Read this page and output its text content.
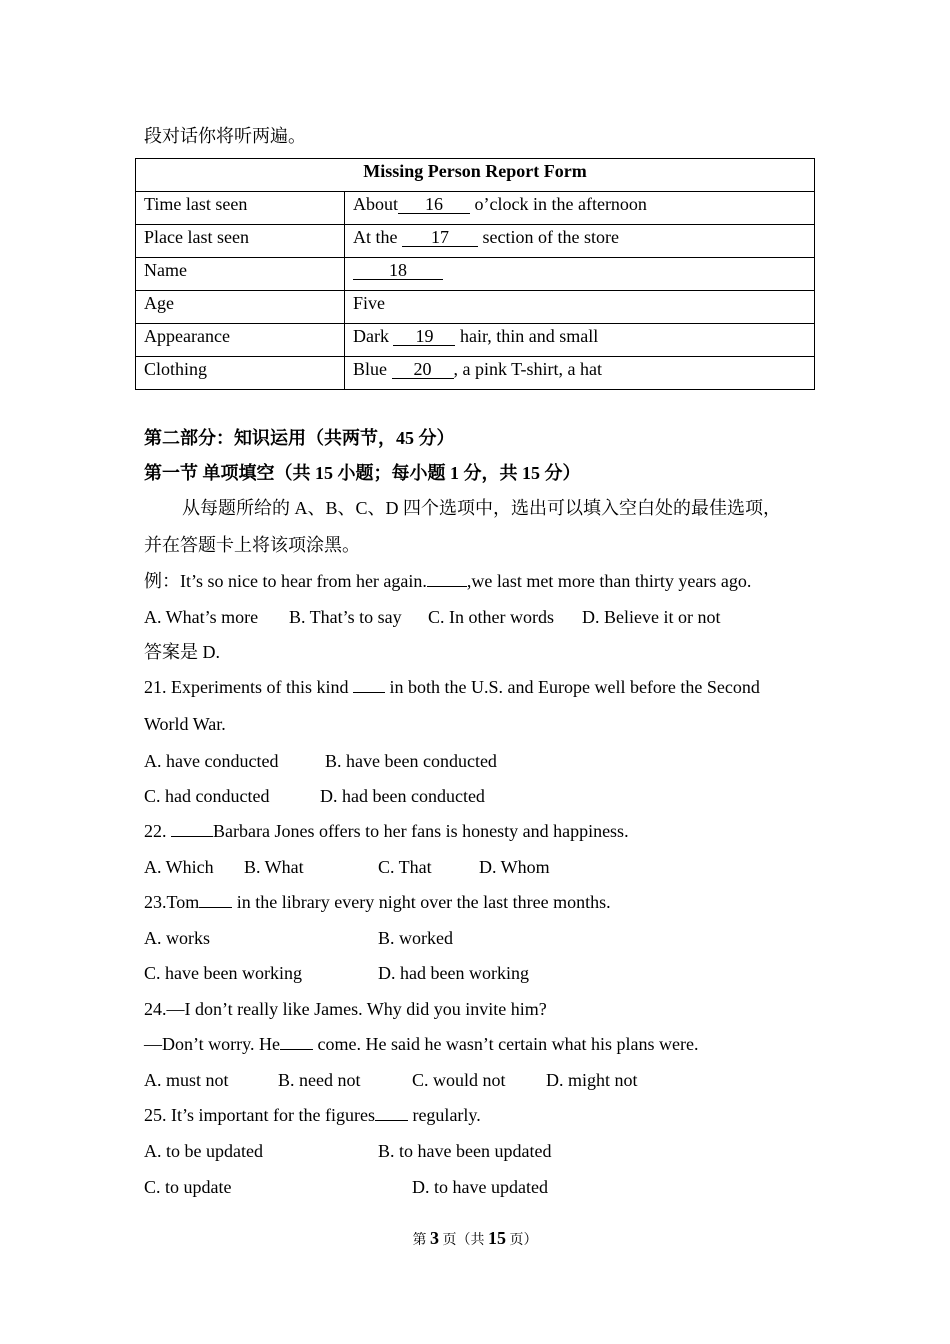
段对话你将听两遍。
Missing Person Report Form	
Time last seen	About 16 o’clock in the afternoon
Place last seen	At the 17 section of the store
Name	18
Age	Five
Appearance	Dark 19 hair, thin and small
Clothing	Blue 20 , a pink T-shirt, a hat
第二部分：知识运用（共两节，45 分）
第一节 单项填空（共 15 小题；每小题 1 分，共 15 分）
从每题所给的 A、B、C、D 四个选项中，选出可以填入空白处的最佳选项，
并在答题卡上将该项涂黑。
例：It’s so nice to hear from her again. ,we last met more than thirty years ago.
A. What’s more B. That’s to say C. In other words D. Believe it or not
答案是 D.
21. Experiments of this kind in both the U.S. and Europe well before the Second
World War.
A. have conducted	B. have been conducted
C. had conducted	D. had been conducted
22.	Barbara Jones offers to her fans is honesty and happiness.
A. Which B. What	C. That	D. Whom
23.Tom in the library every night over the last three months.
A. works	B. worked
C. have been working	D. had been working
24.—I don’t really like James. Why did you invite him?
—Don’t worry. He come. He said he wasn’t certain what his plans were.
A. must not	B. need not	C. would not D. might not
25. It’s important for the figures regularly.
A. to be updated	B. to have been updated
C. to update	D. to have updated
第 3 页（共 15 页）
